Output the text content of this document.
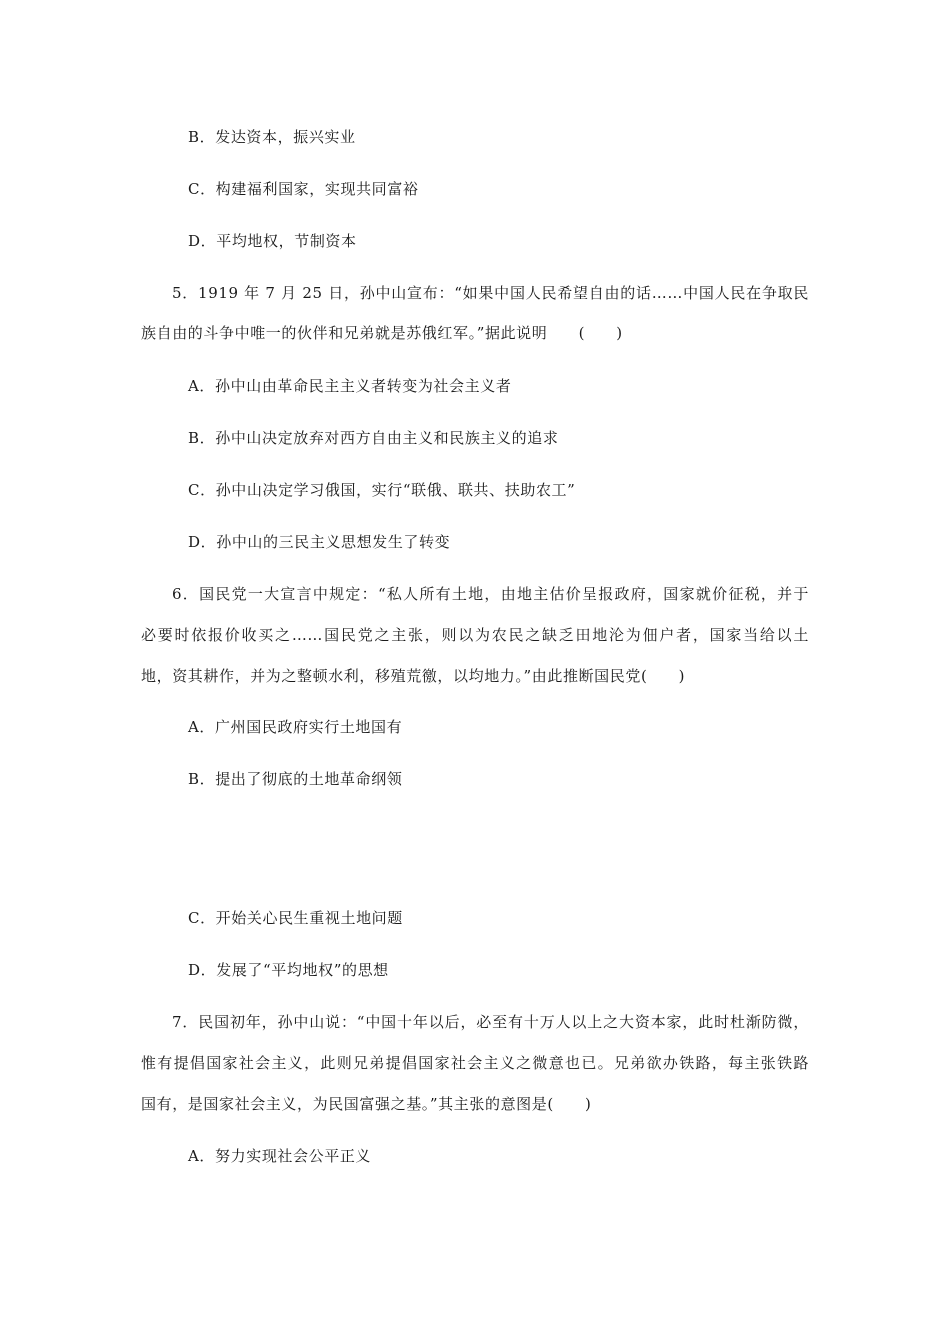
B．发达资本，振兴实业
C．构建福利国家，实现共同富裕
D．平均地权，节制资本
5．1919 年 7 月 25 日，孙中山宣布：“如果中国人民希望自由的话……中国人民在争取民
族自由的斗争中唯一的伙伴和兄弟就是苏俄红军。”据此说明　　(　　)
A．孙中山由革命民主主义者转变为社会主义者
B．孙中山决定放弃对西方自由主义和民族主义的追求
C．孙中山决定学习俄国，实行“联俄、联共、扶助农工”
D．孙中山的三民主义思想发生了转变
6．国民党一大宣言中规定：“私人所有土地，由地主估价呈报政府，国家就价征税，并于
必要时依报价收买之……国民党之主张，则以为农民之缺乏田地沦为佃户者，国家当给以土
地，资其耕作，并为之整顿水利，移殖荒徼，以均地力。”由此推断国民党(　　)
A．广州国民政府实行土地国有
B．提出了彻底的土地革命纲领
C．开始关心民生重视土地问题
D．发展了“平均地权”的思想
7．民国初年，孙中山说：“中国十年以后，必至有十万人以上之大资本家，此时杜渐防微，
惟有提倡国家社会主义，此则兄弟提倡国家社会主义之微意也已。兄弟欲办铁路，每主张铁路
国有，是国家社会主义，为民国富强之基。”其主张的意图是(　　)
A．努力实现社会公平正义
